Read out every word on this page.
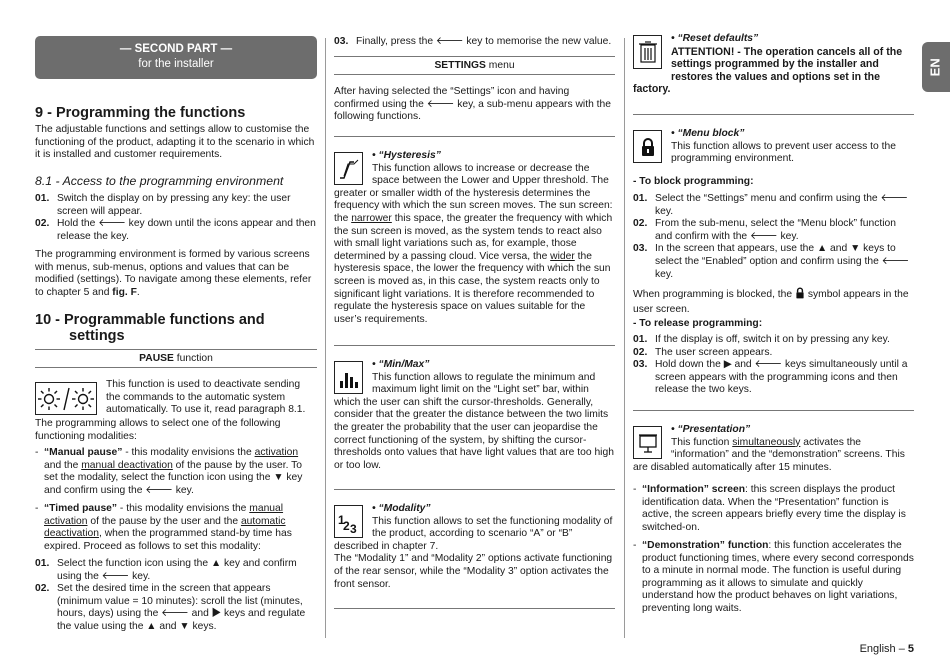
— SECOND PART —
for the installer
9 - Programming the functions

The adjustable functions and settings allow to customise the functioning of the product, adapting it to the scenario in which it is installed and customer requirements.

8.1 - Access to the programming environment
01. Switch the display on by pressing any key: the user screen will appear.
02. Hold the 🡐 key down until the icons appear and then release the key.

The programming environment is formed by various screens with menus, sub-menus, options and values that can be modified (settings). To navigate among these elements, refer to chapter 5 and fig. F.

10 - Programmable functions and
settings
PAUSE function

This function is used to deactivate sending the commands to the automatic system automatically. To use it, read paragraph 8.1.

The programming allows to select one of the following functioning modalities:

- “Manual pause” - this modality envisions the activation and the manual deactivation of the pause by the user. To set the modality, select the function icon using the ▼ key and confirm using the 🡐 key.
- “Timed pause” - this modality envisions the manual activation of the pause by the user and the automatic deactivation, when the programmed stand-by time has expired. Proceed as follows to set this modality:
01. Select the function icon using the ▲ key and confirm using the 🡐 key.
02. Set the desired time in the screen that appears (minimum value = 10 minutes): scroll the list (minutes, hours, days) using the 🡐 and ▶ keys and regulate the value using the ▲ and ▼ keys.
03. Finally, press the 🡐 key to memorise the new value.
SETTINGS menu

After having selected the “Settings” icon and having confirmed using the 🡐 key, a sub-menu appears with the following functions.

• “Hysteresis”

This function allows to increase or decrease the space between the Lower and Upper threshold. The greater or smaller width of the hysteresis determines the frequency with which the sun screen moves. The sun screen: the narrower this space, the greater the frequency with which the sun screen is moved, as the system tends to react also with small light variations such as, for example, those determined by a passing cloud. Vice versa, the wider the hysteresis space, the lower the frequency with which the sun screen is moved as, in this case, the system reacts only to significant light variations. It is therefore recommended to regulate the hysteresis space on values suitable for the user’s requirements.

• “Min/Max”

This function allows to regulate the minimum and maximum light limit on the “Light set” bar, within which the user can shift the cursor-thresholds. Generally, consider that the greater the distance between the two limits the greater the probability that the user can jeopardise the correct functioning of the system, by shifting the cursor-thresholds onto values that have light values that are too high or too low.

1
2 3

• “Modality”

This function allows to set the functioning modality of the product, according to scenario “A” or “B” described in chapter 7.

The “Modality 1” and “Modality 2” options activate functioning of the rear sensor, while the “Modality 3” option activates the front sensor.

• “Reset defaults”

ATTENTION! - The operation cancels all of the settings programmed by the installer and restores the values and options set in the factory.

• “Menu block”

This function allows to prevent user access to the programming environment.

- To block programming:

01. Select the “Settings” menu and confirm using the 🡐 key.
02. From the sub-menu, select the “Menu block” function and confirm with the 🡐 key.
03. In the screen that appears, use the ▲ and ▼ keys to select the “Enabled” option and confirm using the 🡐 key.

When programming is blocked, the  symbol appears in the user screen.

- To release programming:

01. If the display is off, switch it on by pressing any key.
02. The user screen appears.
03. Hold down the ▶ and 🡐 keys simultaneously until a screen appears with the programming icons and then release the two keys.

• “Presentation”

This function simultaneously activates the “information” and the “demonstration” screens. This are disabled automatically after 15 minutes.

- “Information” screen: this screen displays the product identification data. When the “Presentation” function is active, the screen appears briefly every time the display is switched-on.
- “Demonstration” function: this function accelerates the product functioning times, where every second corresponds to a minute in normal mode. The function is useful during programming as it allows to simulate and quickly understand how the product behaves on light variations, preventing long waits.
EN
English – 5
